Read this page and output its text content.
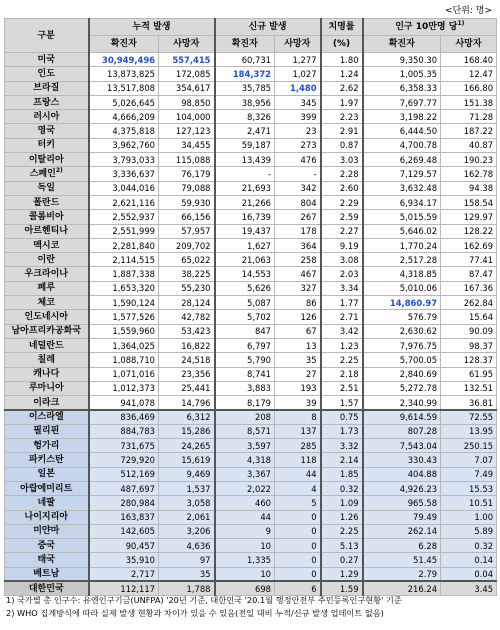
<단위: 명>
구분	누적 발생		신규 발생		치명률	인구 10만명 당$^{1)}$
	확진자	사망자	확진자	사망자	(%)	확진자	사망자
미국	30,949,496	557,415	60,731	1,277	1.80	9,350.30	168.40
인도	13,873,825	172,085	184,372	1,027	1.24	1,005.35	12.47
브라질	13,517,808	354,617	35,785	1,480	2.62	6,358.33	166.80
프랑스	5,026,645	98,850	38,956	345	1.97	7,697.77	151.38
러시아	4,666,209	104,000	8,326	399	2.23	3,198.22	71.28
영국	4,375,818	127,123	2,471	23	2.91	6,444.50	187.22
터키	3,962,760	34,455	59,187	273	0.87	4,700.78	40.87
이탈리아	3,793,033	115,088	13,439	476	3.03	6,269.48	190.23
스페인$^{2)}$	3,336,637	76,179	-	-	2.28	7,129.57	162.78
독일	3,044,016	79,088	21,693	342	2.60	3,632.48	94.38
폴란드	2,621,116	59,930	21,266	804	2.29	6,934.17	158.54
콜롬비아	2,552,937	66,156	16,739	267	2.59	5,015.59	129.97
아르헨티나	2,551,999	57,957	19,437	178	2.27	5,646.02	128.22
멕시코	2,281,840	209,702	1,627	364	9.19	1,770.24	162.69
이란	2,114,515	65,022	21,063	258	3.08	2,517.28	77.41
우크라이나	1,887,338	38,225	14,553	467	2.03	4,318.85	87.47
페루	1,653,320	55,230	5,626	327	3.34	5,010.06	167.36
체코	1,590,124	28,124	5,087	86	1.77	14,860.97	262.84
인도네시아	1,577,526	42,782	5,702	126	2.71	576.79	15.64
남아프리카공화국	1,559,960	53,423	847	67	3.42	2,630.62	90.09
네덜란드	1,364,025	16,822	6,797	13	1.23	7,976.75	98.37
칠레	1,088,710	24,518	5,790	35	2.25	5,700.05	128.37
캐나다	1,071,016	23,356	8,741	27	2.18	2,840.69	61.95
루마니아	1,012,373	25,441	3,883	193	2.51	5,272.78	132.51
이라크	941,078	14,796	8,179	39	1.57	2,340.99	36.81
이스라엘	836,469	6,312	208	8	0.75	9,614.59	72.55
필리핀	884,783	15,286	8,571	137	1.73	807.28	13.95
헝가리	731,675	24,265	3,597	285	3.32	7,543.04	250.15
파키스탄	729,920	15,619	4,318	118	2.14	330.43	7.07
일본	512,169	9,469	3,367	44	1.85	404.88	7.49
아랍에미리트	487,697	1,537	2,022	4	0.32	4,926.23	15.53
네팔	280,984	3,058	460	5	1.09	965.58	10.51
나이지리아	163,837	2,061	44	0	1.26	79.49	1.00
미얀마	142,605	3,206	9	0	2.25	262.14	5.89
중국	90,457	4,636	10	0	5.13	6.28	0.32
태국	35,910	97	1,335	0	0.27	51.45	0.14
베트남	2,717	35	10	0	1.29	2.79	0.04
대한민국	112,117	1,788	698	6	1.59	216.24	3.45
1) 국가별 총 인구수: 유엔인구기금(UNFPA) '20년 기준, 대한민국 '20.1월 행정안전부 주민등록인구현황' 기준
2) WHO 집계방식에 따라 실제 발생 현황과 차이가 있을 수 있음(전일 대비 누적/신규 발생 업데이트 없음)
